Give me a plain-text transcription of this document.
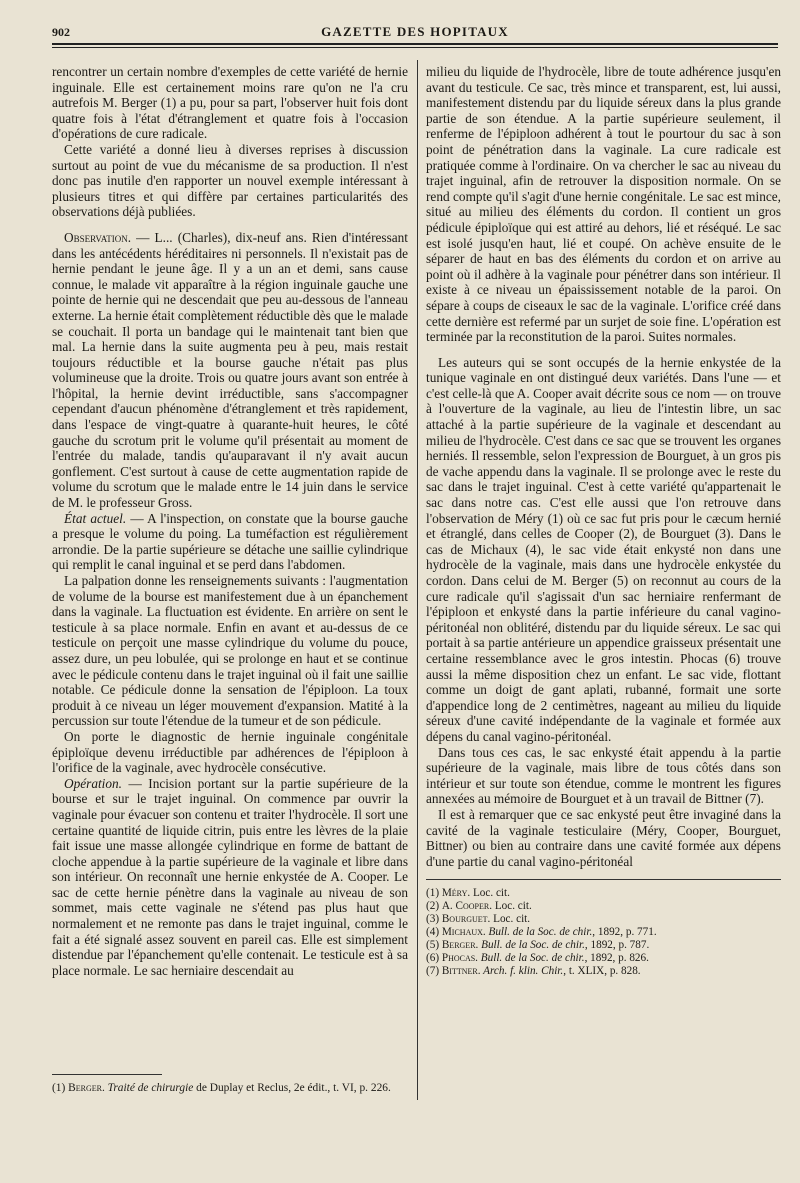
902	GAZETTE DES HOPITAUX

rencontrer un certain nombre d'exemples de cette variété de hernie inguinale. Elle est certainement moins rare qu'on ne l'a cru autrefois M. Berger (1) a pu, pour sa part, l'observer huit fois dont quatre fois à l'état d'étranglement et quatre fois à l'occasion d'opérations de cure radicale.

Cette variété a donné lieu à diverses reprises à discussion surtout au point de vue du mécanisme de sa production. Il n'est donc pas inutile d'en rapporter un nouvel exemple intéressant à plusieurs titres et qui diffère par certaines particularités des observations déjà publiées.

Observation. — L... (Charles), dix-neuf ans. Rien d'intéressant dans les antécédents héréditaires ni personnels. Il n'existait pas de hernie pendant le jeune âge. Il y a un an et demi, sans cause connue, le malade vit apparaître à la région inguinale gauche une pointe de hernie qui ne descendait que peu au-dessous de l'anneau externe. La hernie était complètement réductible dès que le malade se couchait. Il porta un bandage qui le maintenait tant bien que mal. La hernie dans la suite augmenta peu à peu, mais restait toujours réductible et la bourse gauche n'était pas plus volumineuse que la droite. Trois ou quatre jours avant son entrée à l'hôpital, la hernie devint irréductible, sans s'accompagner cependant d'aucun phénomène d'étranglement et très rapidement, dans l'espace de vingt-quatre à quarante-huit heures, le côté gauche du scrotum prit le volume qu'il présentait au moment de l'entrée du malade, tandis qu'auparavant il n'y avait aucun gonflement. C'est surtout à cause de cette augmentation rapide de volume du scrotum que le malade entre le 14 juin dans le service de M. le professeur Gross.

État actuel. — A l'inspection, on constate que la bourse gauche a presque le volume du poing. La tuméfaction est régulièrement arrondie. De la partie supérieure se détache une saillie cylindrique qui remplit le canal inguinal et se perd dans l'abdomen.

La palpation donne les renseignements suivants : l'augmentation de volume de la bourse est manifestement due à un épanchement dans la vaginale. La fluctuation est évidente. En arrière on sent le testicule à sa place normale. Enfin en avant et au-dessus de ce testicule on perçoit une masse cylindrique du volume du pouce, assez dure, un peu lobulée, qui se prolonge en haut et se continue avec le pédicule contenu dans le trajet inguinal où il fait une saillie notable. Ce pédicule donne la sensation de l'épiploon. La toux produit à ce niveau un léger mouvement d'expansion. Matité à la percussion sur toute l'étendue de la tumeur et de son pédicule.

On porte le diagnostic de hernie inguinale congénitale épiploïque devenu irréductible par adhérences de l'épiploon à l'orifice de la vaginale, avec hydrocèle consécutive.

Opération. — Incision portant sur la partie supérieure de la bourse et sur le trajet inguinal. On commence par ouvrir la vaginale pour évacuer son contenu et traiter l'hydrocèle. Il sort une certaine quantité de liquide citrin, puis entre les lèvres de la plaie fait issue une masse allongée cylindrique en forme de battant de cloche appendue à la partie supérieure de la vaginale et libre dans son intérieur. On reconnaît une hernie enkystée de A. Cooper. Le sac de cette hernie pénètre dans la vaginale au niveau de son sommet, mais cette vaginale ne s'étend pas plus haut que normalement et ne remonte pas dans le trajet inguinal, comme le fait a été signalé assez souvent en pareil cas. Elle est simplement distendue par l'épanchement qu'elle contenait. Le testicule est à sa place normale. Le sac herniaire descendait au

(1) Berger. Traité de chirurgie de Duplay et Reclus, 2e édit., t. VI, p. 226.

milieu du liquide de l'hydrocèle, libre de toute adhérence jusqu'en avant du testicule. Ce sac, très mince et transparent, est, lui aussi, manifestement distendu par du liquide séreux dans la plus grande partie de son étendue. A la partie supérieure seulement, il renferme de l'épiploon adhérent à tout le pourtour du sac à son point de pénétration dans la vaginale. La cure radicale est pratiquée comme à l'ordinaire. On va chercher le sac au niveau du trajet inguinal, afin de retrouver la disposition normale. On se rend compte qu'il s'agit d'une hernie congénitale. Le sac est mince, situé au milieu des éléments du cordon. Il contient un gros pédicule épiploïque qui est attiré au dehors, lié et réséqué. Le sac est isolé jusqu'en haut, lié et coupé. On achève ensuite de le séparer de haut en bas des éléments du cordon et on arrive au point où il adhère à la vaginale pour pénétrer dans son intérieur. Il existe à ce niveau un épaississement notable de la paroi. On sépare à coups de ciseaux le sac de la vaginale. L'orifice créé dans cette dernière est refermé par un surjet de soie fine. L'opération est terminée par la reconstitution de la paroi. Suites normales.

Les auteurs qui se sont occupés de la hernie enkystée de la tunique vaginale en ont distingué deux variétés. Dans l'une — et c'est celle-là que A. Cooper avait décrite sous ce nom — on trouve à l'ouverture de la vaginale, au lieu de l'intestin libre, un sac attaché à la partie supérieure de la vaginale et descendant au milieu de l'hydrocèle. C'est dans ce sac que se trouvent les organes herniés. Il ressemble, selon l'expression de Bourguet, à un gros pis de vache appendu dans la vaginale. Il se prolonge avec le reste du sac dans le trajet inguinal. C'est à cette variété qu'appartenait le sac dans notre cas. C'est elle aussi que l'on retrouve dans l'observation de Méry (1) où ce sac fut pris pour le cæcum hernié et étranglé, dans celles de Cooper (2), de Bourguet (3). Dans le cas de Michaux (4), le sac vide était enkysté non dans une hydrocèle de la vaginale, mais dans une hydrocèle enkystée du cordon. Dans celui de M. Berger (5) on reconnut au cours de la cure radicale qu'il s'agissait d'un sac herniaire renfermant de l'épiploon et enkysté dans la partie inférieure du canal vagino-péritonéal non oblitéré, distendu par du liquide séreux. Le sac qui portait à sa partie antérieure un appendice graisseux présentait une certaine ressemblance avec le gros intestin. Phocas (6) trouve aussi la même disposition chez un enfant. Le sac vide, flottant comme un doigt de gant aplati, rubanné, formait une sorte d'appendice long de 2 centimètres, nageant au milieu du liquide séreux d'une cavité indépendante de la vaginale et formée aux dépens du canal vagino-péritonéal.

Dans tous ces cas, le sac enkysté était appendu à la partie supérieure de la vaginale, mais libre de tous côtés dans son intérieur et sur toute son étendue, comme le montrent les figures annexées au mémoire de Bourguet et à un travail de Bittner (7).

Il est à remarquer que ce sac enkysté peut être invaginé dans la cavité de la vaginale testiculaire (Méry, Cooper, Bourguet, Bittner) ou bien au contraire dans une cavité formée aux dépens d'une partie du canal vagino-péritonéal

(1) Méry. Loc. cit.
(2) A. Cooper. Loc. cit.
(3) Bourguet. Loc. cit.
(4) Michaux. Bull. de la Soc. de chir., 1892, p. 771.
(5) Berger. Bull. de la Soc. de chir., 1892, p. 787.
(6) Phocas. Bull. de la Soc. de chir., 1892, p. 826.
(7) Bittner. Arch. f. klin. Chir., t. XLIX, p. 828.
